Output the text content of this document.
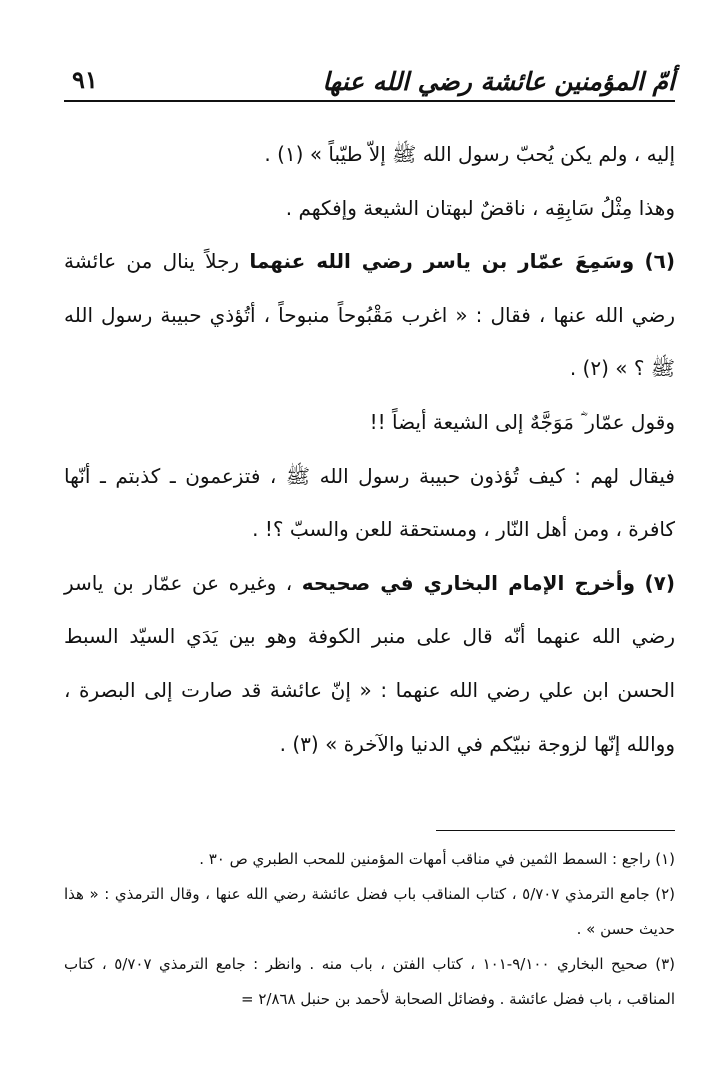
أمّ المؤمنين عائشة رضي الله عنها
٩١

إليه ، ولم يكن يُحبّ رسول الله ﷺ إلاّ طيّباً » (١) .

وهذا مِثْلُ سَابِقِه ، ناقضٌ لبهتان الشيعة وإفكهم .

(٦) وسَمِعَ عمّار بن ياسر رضي الله عنهما رجلاً ينال من عائشة رضي الله عنها ، فقال : « اغرب مَقْبُوحاً منبوحاً ، أتُؤذي حبيبة رسول الله ﷺ ؟ » (٢) .

وقول عمّار ؓ مَوَجَّهٌ إلى الشيعة أيضاً !!

فيقال لهم : كيف تُؤذون حبيبة رسول الله ﷺ ، فتزعمون ـ كذبتم ـ أنّها كافرة ، ومن أهل النّار ، ومستحقة للعن والسبّ ؟! .

(٧) وأخرج الإمام البخاري في صحيحه ، وغيره عن عمّار بن ياسر رضي الله عنهما أنّه قال على منبر الكوفة وهو بين يَدَي السيّد السبط الحسن ابن علي رضي الله عنهما : « إنّ عائشة قد صارت إلى البصرة ، ووالله إنّها لزوجة نبيّكم في الدنيا والآخرة » (٣) .

(١) راجع : السمط الثمين في مناقب أمهات المؤمنين للمحب الطبري ص ٣٠ .

(٢) جامع الترمذي ٥/٧٠٧ ، كتاب المناقب باب فضل عائشة رضي الله عنها ، وقال الترمذي : « هذا حديث حسن » .

(٣) صحيح البخاري ٩/١٠٠-١٠١ ، كتاب الفتن ، باب منه . وانظر : جامع الترمذي ٥/٧٠٧ ، كتاب المناقب ، باب فضل عائشة . وفضائل الصحابة لأحمد بن حنبل ٢/٨٦٨ =
